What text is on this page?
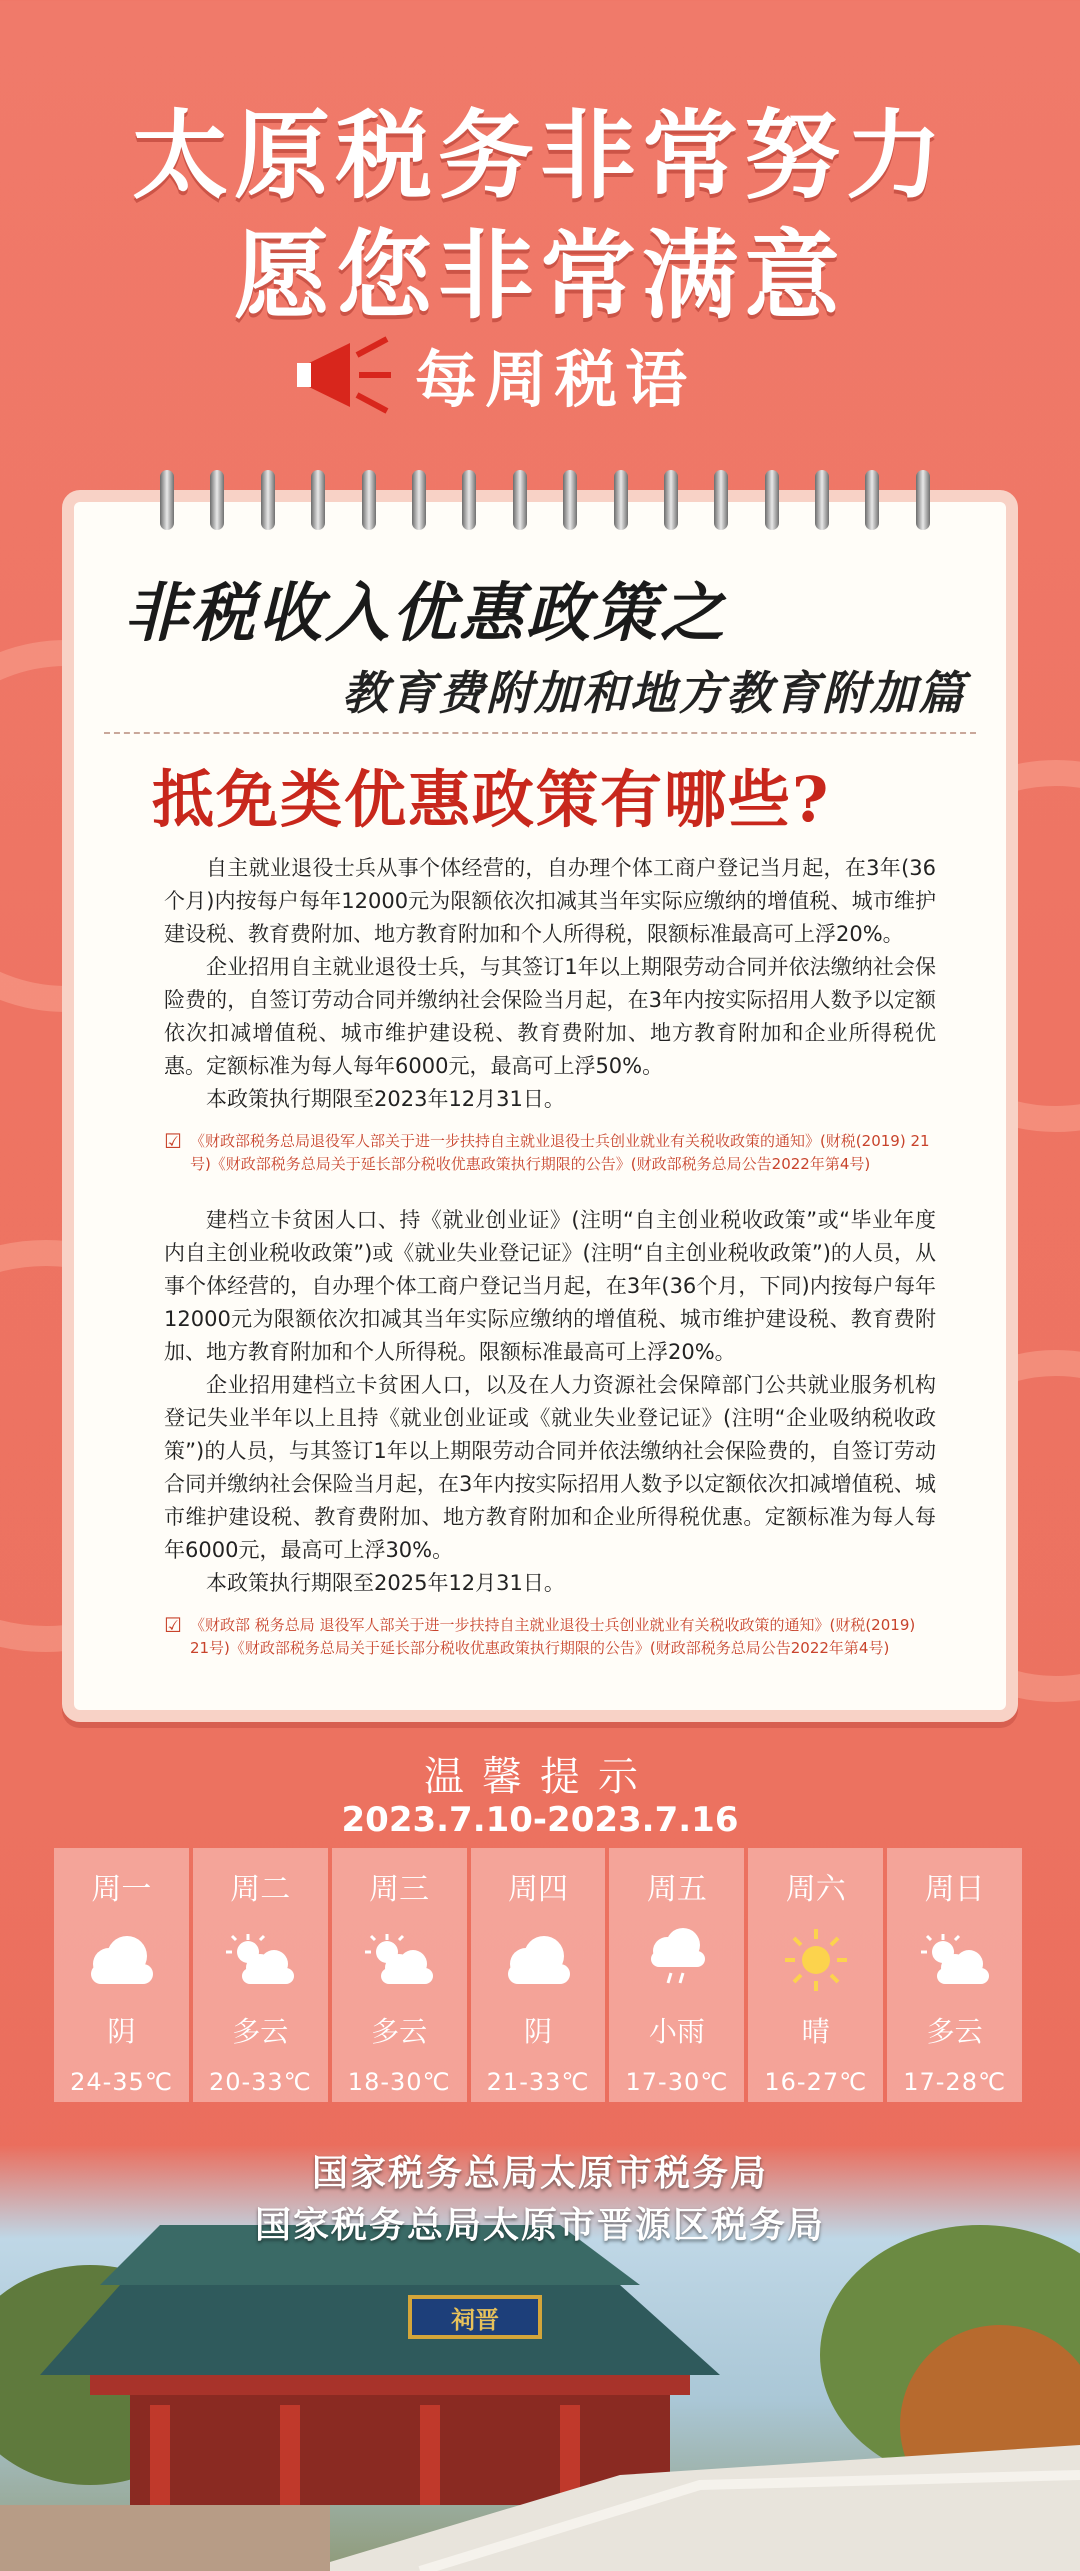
太原税务非常努力
愿您非常满意
每周税语
非税收入优惠政策之
教育费附加和地方教育附加篇
抵免类优惠政策有哪些?

自主就业退役士兵从事个体经营的，自办理个体工商户登记当月起，在3年(36个月)内按每户每年12000元为限额依次扣减其当年实际应缴纳的增值税、城市维护建设税、教育费附加、地方教育附加和个人所得税，限额标准最高可上浮20%。

企业招用自主就业退役士兵，与其签订1年以上期限劳动合同并依法缴纳社会保险费的，自签订劳动合同并缴纳社会保险当月起，在3年内按实际招用人数予以定额依次扣减增值税、城市维护建设税、教育费附加、地方教育附加和企业所得税优惠。定额标准为每人每年6000元，最高可上浮50%。

本政策执行期限至2023年12月31日。

☑ 《财政部税务总局退役军人部关于进一步扶持自主就业退役士兵创业就业有关税收政策的通知》(财税(2019) 21号)《财政部税务总局关于延长部分税收优惠政策执行期限的公告》(财政部税务总局公告2022年第4号)

建档立卡贫困人口、持《就业创业证》(注明“自主创业税收政策”或“毕业年度内自主创业税收政策”)或《就业失业登记证》(注明“自主创业税收政策”)的人员，从事个体经营的，自办理个体工商户登记当月起，在3年(36个月，下同)内按每户每年12000元为限额依次扣减其当年实际应缴纳的增值税、城市维护建设税、教育费附加、地方教育附加和个人所得税。限额标准最高可上浮20%。

企业招用建档立卡贫困人口，以及在人力资源社会保障部门公共就业服务机构登记失业半年以上且持《就业创业证或《就业失业登记证》(注明“企业吸纳税收政策”)的人员，与其签订1年以上期限劳动合同并依法缴纳社会保险费的，自签订劳动合同并缴纳社会保险当月起，在3年内按实际招用人数予以定额依次扣减增值税、城市维护建设税、教育费附加、地方教育附加和企业所得税优惠。定额标准为每人每年6000元，最高可上浮30%。

本政策执行期限至2025年12月31日。

☑ 《财政部 税务总局 退役军人部关于进一步扶持自主就业退役士兵创业就业有关税收政策的通知》(财税(2019) 21号)《财政部税务总局关于延长部分税收优惠政策执行期限的公告》(财政部税务总局公告2022年第4号)
温馨提示
2023.7.10-2023.7.16
周一
阴
24-35℃
周二
多云
20-33℃
周三
多云
18-30℃
周四
阴
21-33℃
周五
小雨
17-30℃
周六
晴
16-27℃
周日
多云
17-28℃
祠晋
国家税务总局太原市税务局
国家税务总局太原市晋源区税务局
